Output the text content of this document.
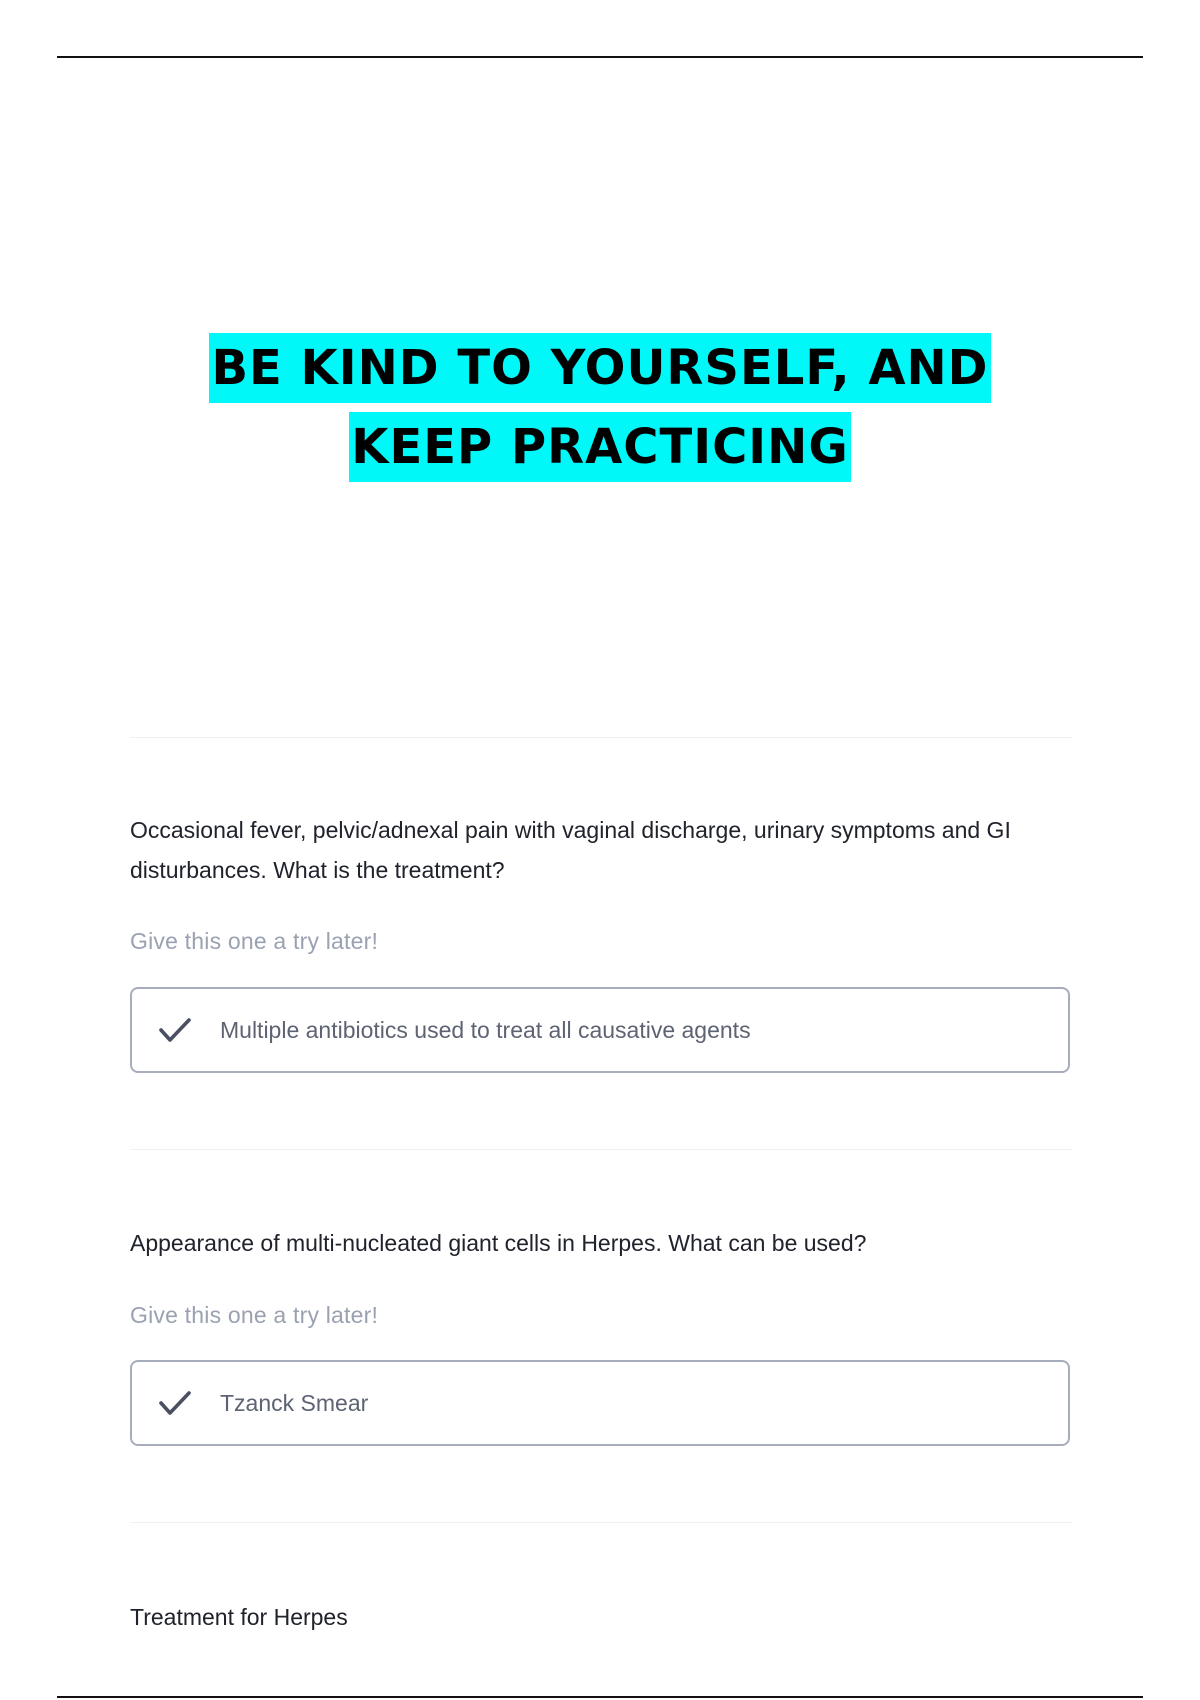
BE KIND TO YOURSELF, AND
KEEP PRACTICING
Occasional fever, pelvic/adnexal pain with vaginal discharge, urinary symptoms and GI disturbances. What is the treatment?
Give this one a try later!
Multiple antibiotics used to treat all causative agents
Appearance of multi-nucleated giant cells in Herpes. What can be used?
Give this one a try later!
Tzanck Smear
Treatment for Herpes
